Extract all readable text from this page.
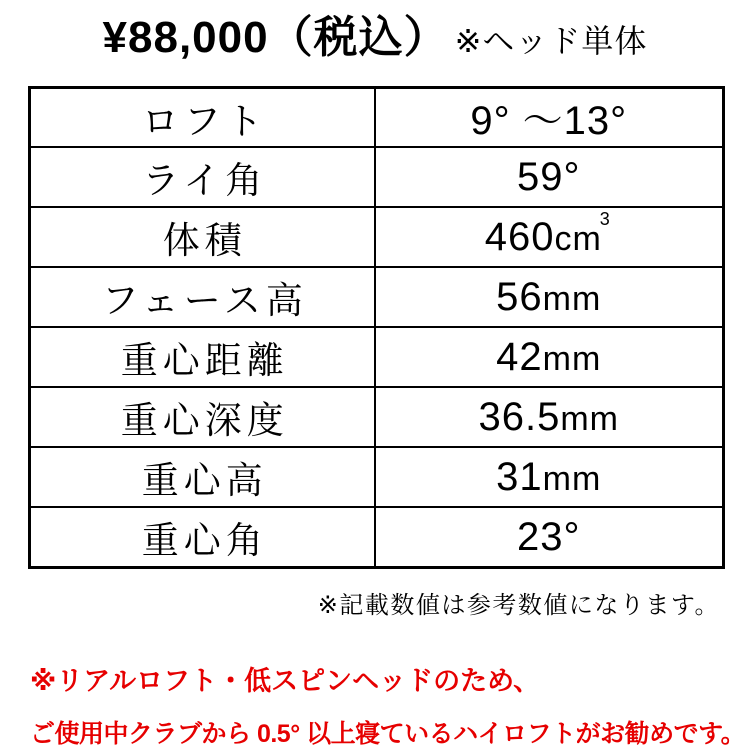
¥88,000（税込） ※ヘッド単体
ロフト	9° ～13°
ライ角	59°
体積	$460cm^3$
フェース高	56mm
重心距離	42mm
重心深度	36.5mm
重心高	31mm
重心角	23°
※記載数値は参考数値になります。
※リアルロフト・低スピンヘッドのため、
ご使用中クラブから 0.5° 以上寝ているハイロフトがお勧めです。
